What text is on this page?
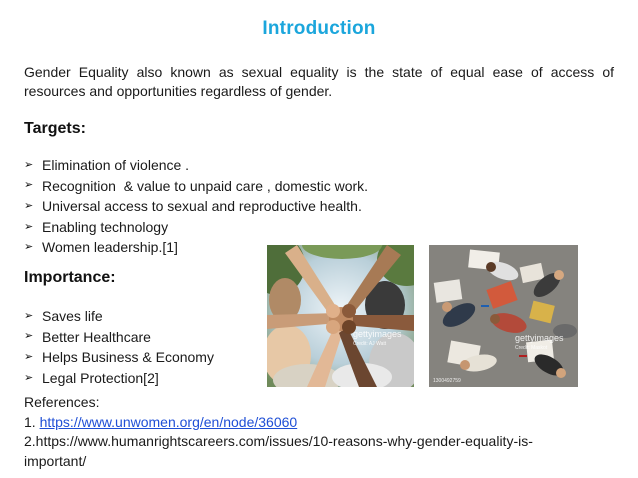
Introduction
Gender Equality also known as sexual equality is the state of equal ease of access of resources and opportunities regardless of gender.
Targets:
➢ Elimination of violence .
➢ Recognition  & value to unpaid care , domestic work.
➢ Universal access to sexual and reproductive health.
➢ Enabling technology
➢ Women leadership.[1]
Importance:
➢ Saves life
➢ Better Healthcare
➢ Helps Business & Economy
➢ Legal Protection[2]
gettyimages
Credit: AJ Watt
gettyimages
Credit: Maskot
1300492759
References:
1. https://www.unwomen.org/en/node/36060
2.https://www.humanrightscareers.com/issues/10-reasons-why-gender-equality-is-
important/
